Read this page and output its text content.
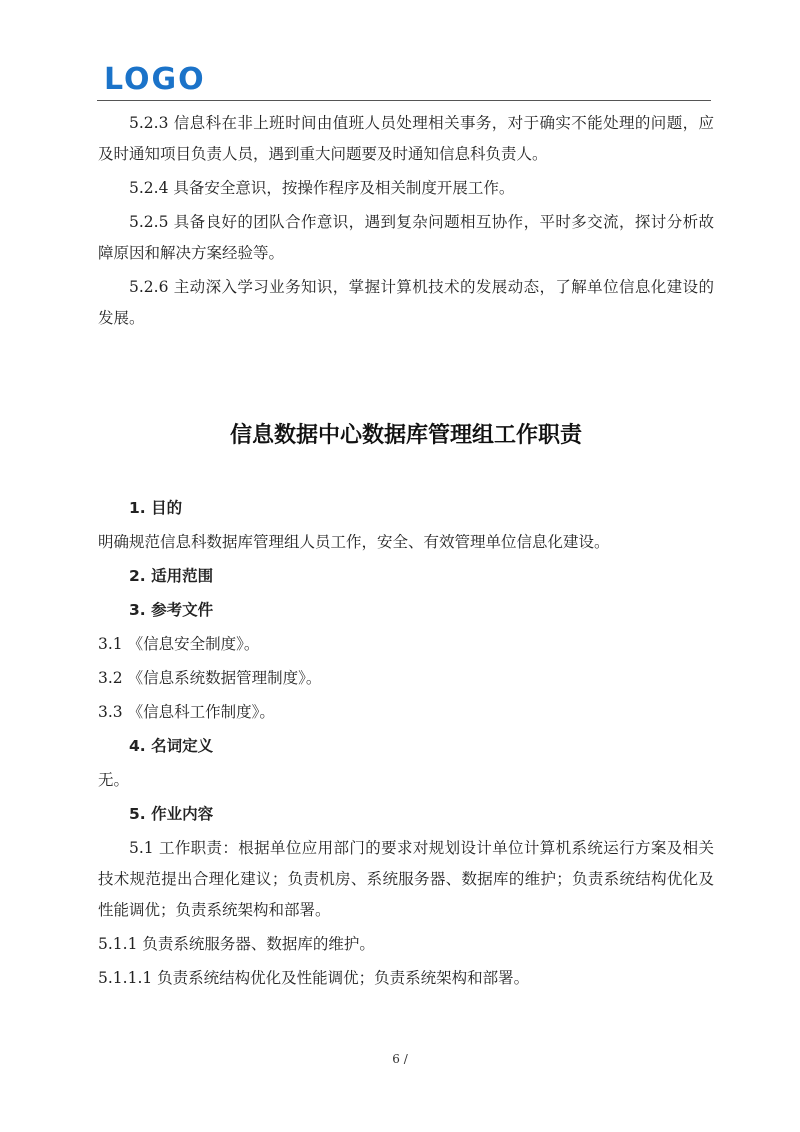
LOGO

5.2.3 信息科在非上班时间由值班人员处理相关事务，对于确实不能处理的问题，应及时通知项目负责人员，遇到重大问题要及时通知信息科负责人。

5.2.4 具备安全意识，按操作程序及相关制度开展工作。

5.2.5 具备良好的团队合作意识，遇到复杂问题相互协作，平时多交流，探讨分析故障原因和解决方案经验等。

5.2.6 主动深入学习业务知识，掌握计算机技术的发展动态，了解单位信息化建设的发展。

信息数据中心数据库管理组工作职责

1. 目的

明确规范信息科数据库管理组人员工作，安全、有效管理单位信息化建设。

2. 适用范围

3. 参考文件

3.1 《信息安全制度》。

3.2 《信息系统数据管理制度》。

3.3 《信息科工作制度》。

4. 名词定义

无。

5. 作业内容

5.1 工作职责：根据单位应用部门的要求对规划设计单位计算机系统运行方案及相关技术规范提出合理化建议；负责机房、系统服务器、数据库的维护；负责系统结构优化及性能调优；负责系统架构和部署。

5.1.1 负责系统服务器、数据库的维护。

5.1.1.1 负责系统结构优化及性能调优；负责系统架构和部署。

6 /
